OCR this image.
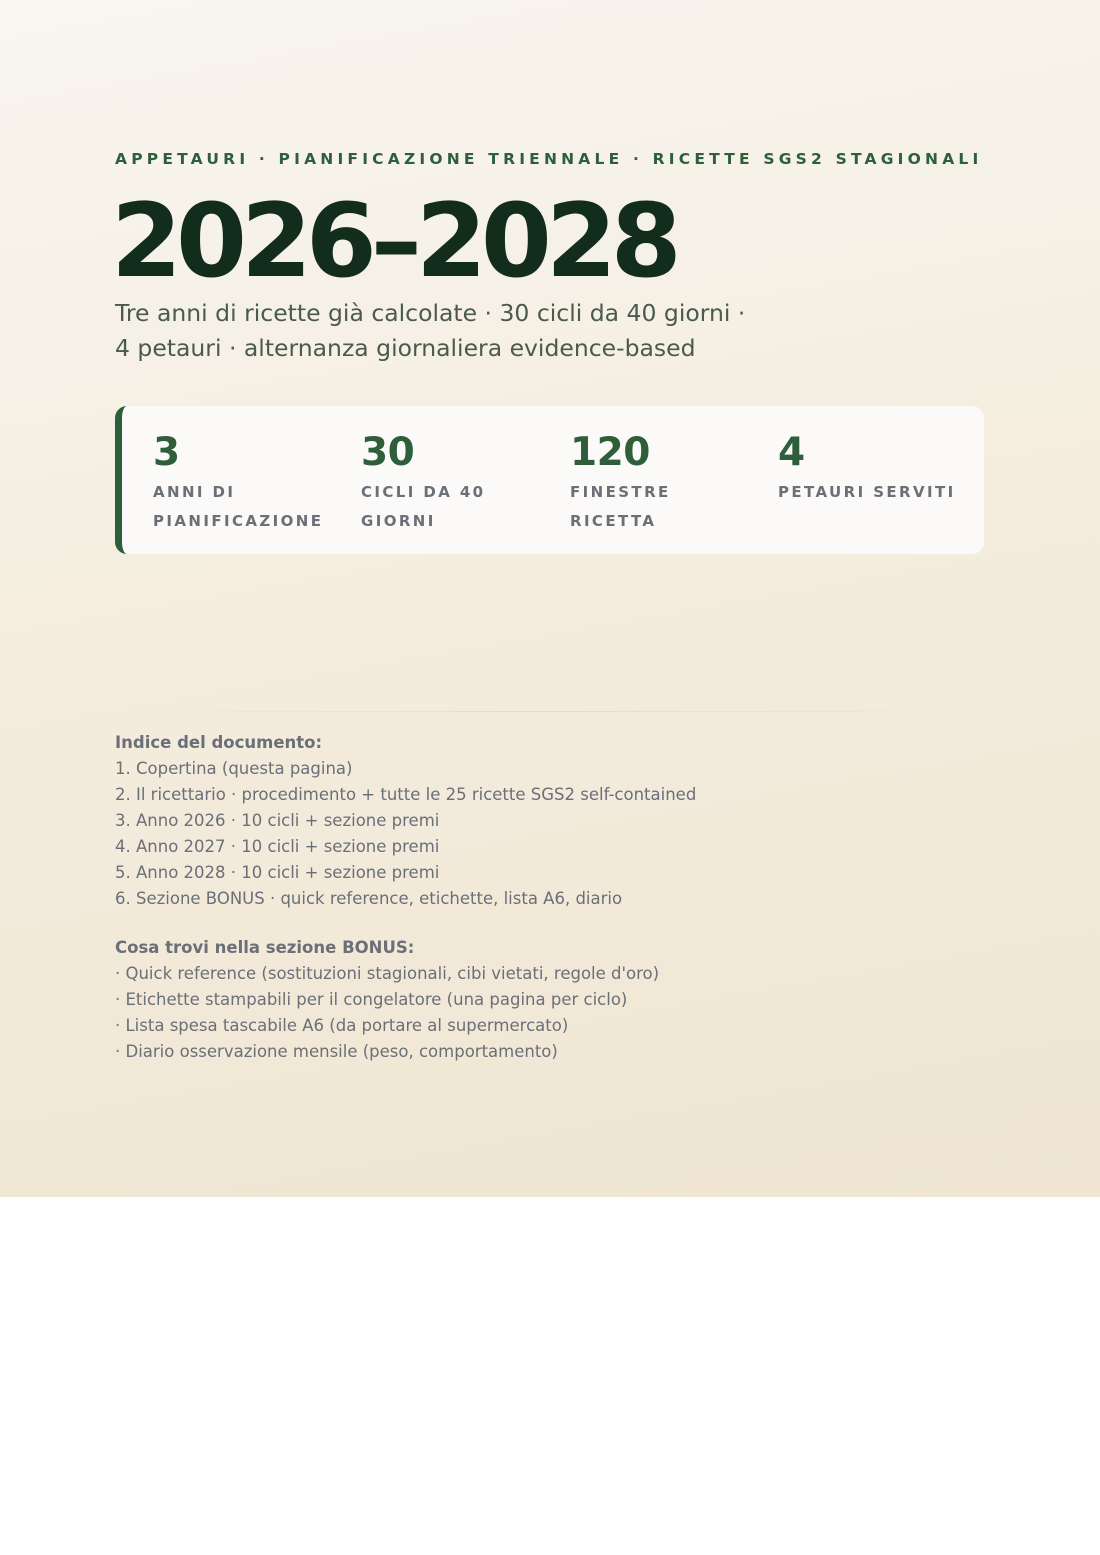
APPETAURI · PIANIFICAZIONE TRIENNALE · RICETTE SGS2 STAGIONALI

2026–2028

Tre anni di ricette già calcolate · 30 cicli da 40 giorni · 4 petauri · alternanza giornaliera evidence-based

3
ANNI DI PIANIFICAZIONE
30
CICLI DA 40 GIORNI
120
FINESTRE RICETTA
4
PETAURI SERVITI
Indice del documento:
1. Copertina (questa pagina)
2. Il ricettario · procedimento + tutte le 25 ricette SGS2 self-contained
3. Anno 2026 · 10 cicli + sezione premi
4. Anno 2027 · 10 cicli + sezione premi
5. Anno 2028 · 10 cicli + sezione premi
6. Sezione BONUS · quick reference, etichette, lista A6, diario
Cosa trovi nella sezione BONUS:
· Quick reference (sostituzioni stagionali, cibi vietati, regole d'oro)
· Etichette stampabili per il congelatore (una pagina per ciclo)
· Lista spesa tascabile A6 (da portare al supermercato)
· Diario osservazione mensile (peso, comportamento)
